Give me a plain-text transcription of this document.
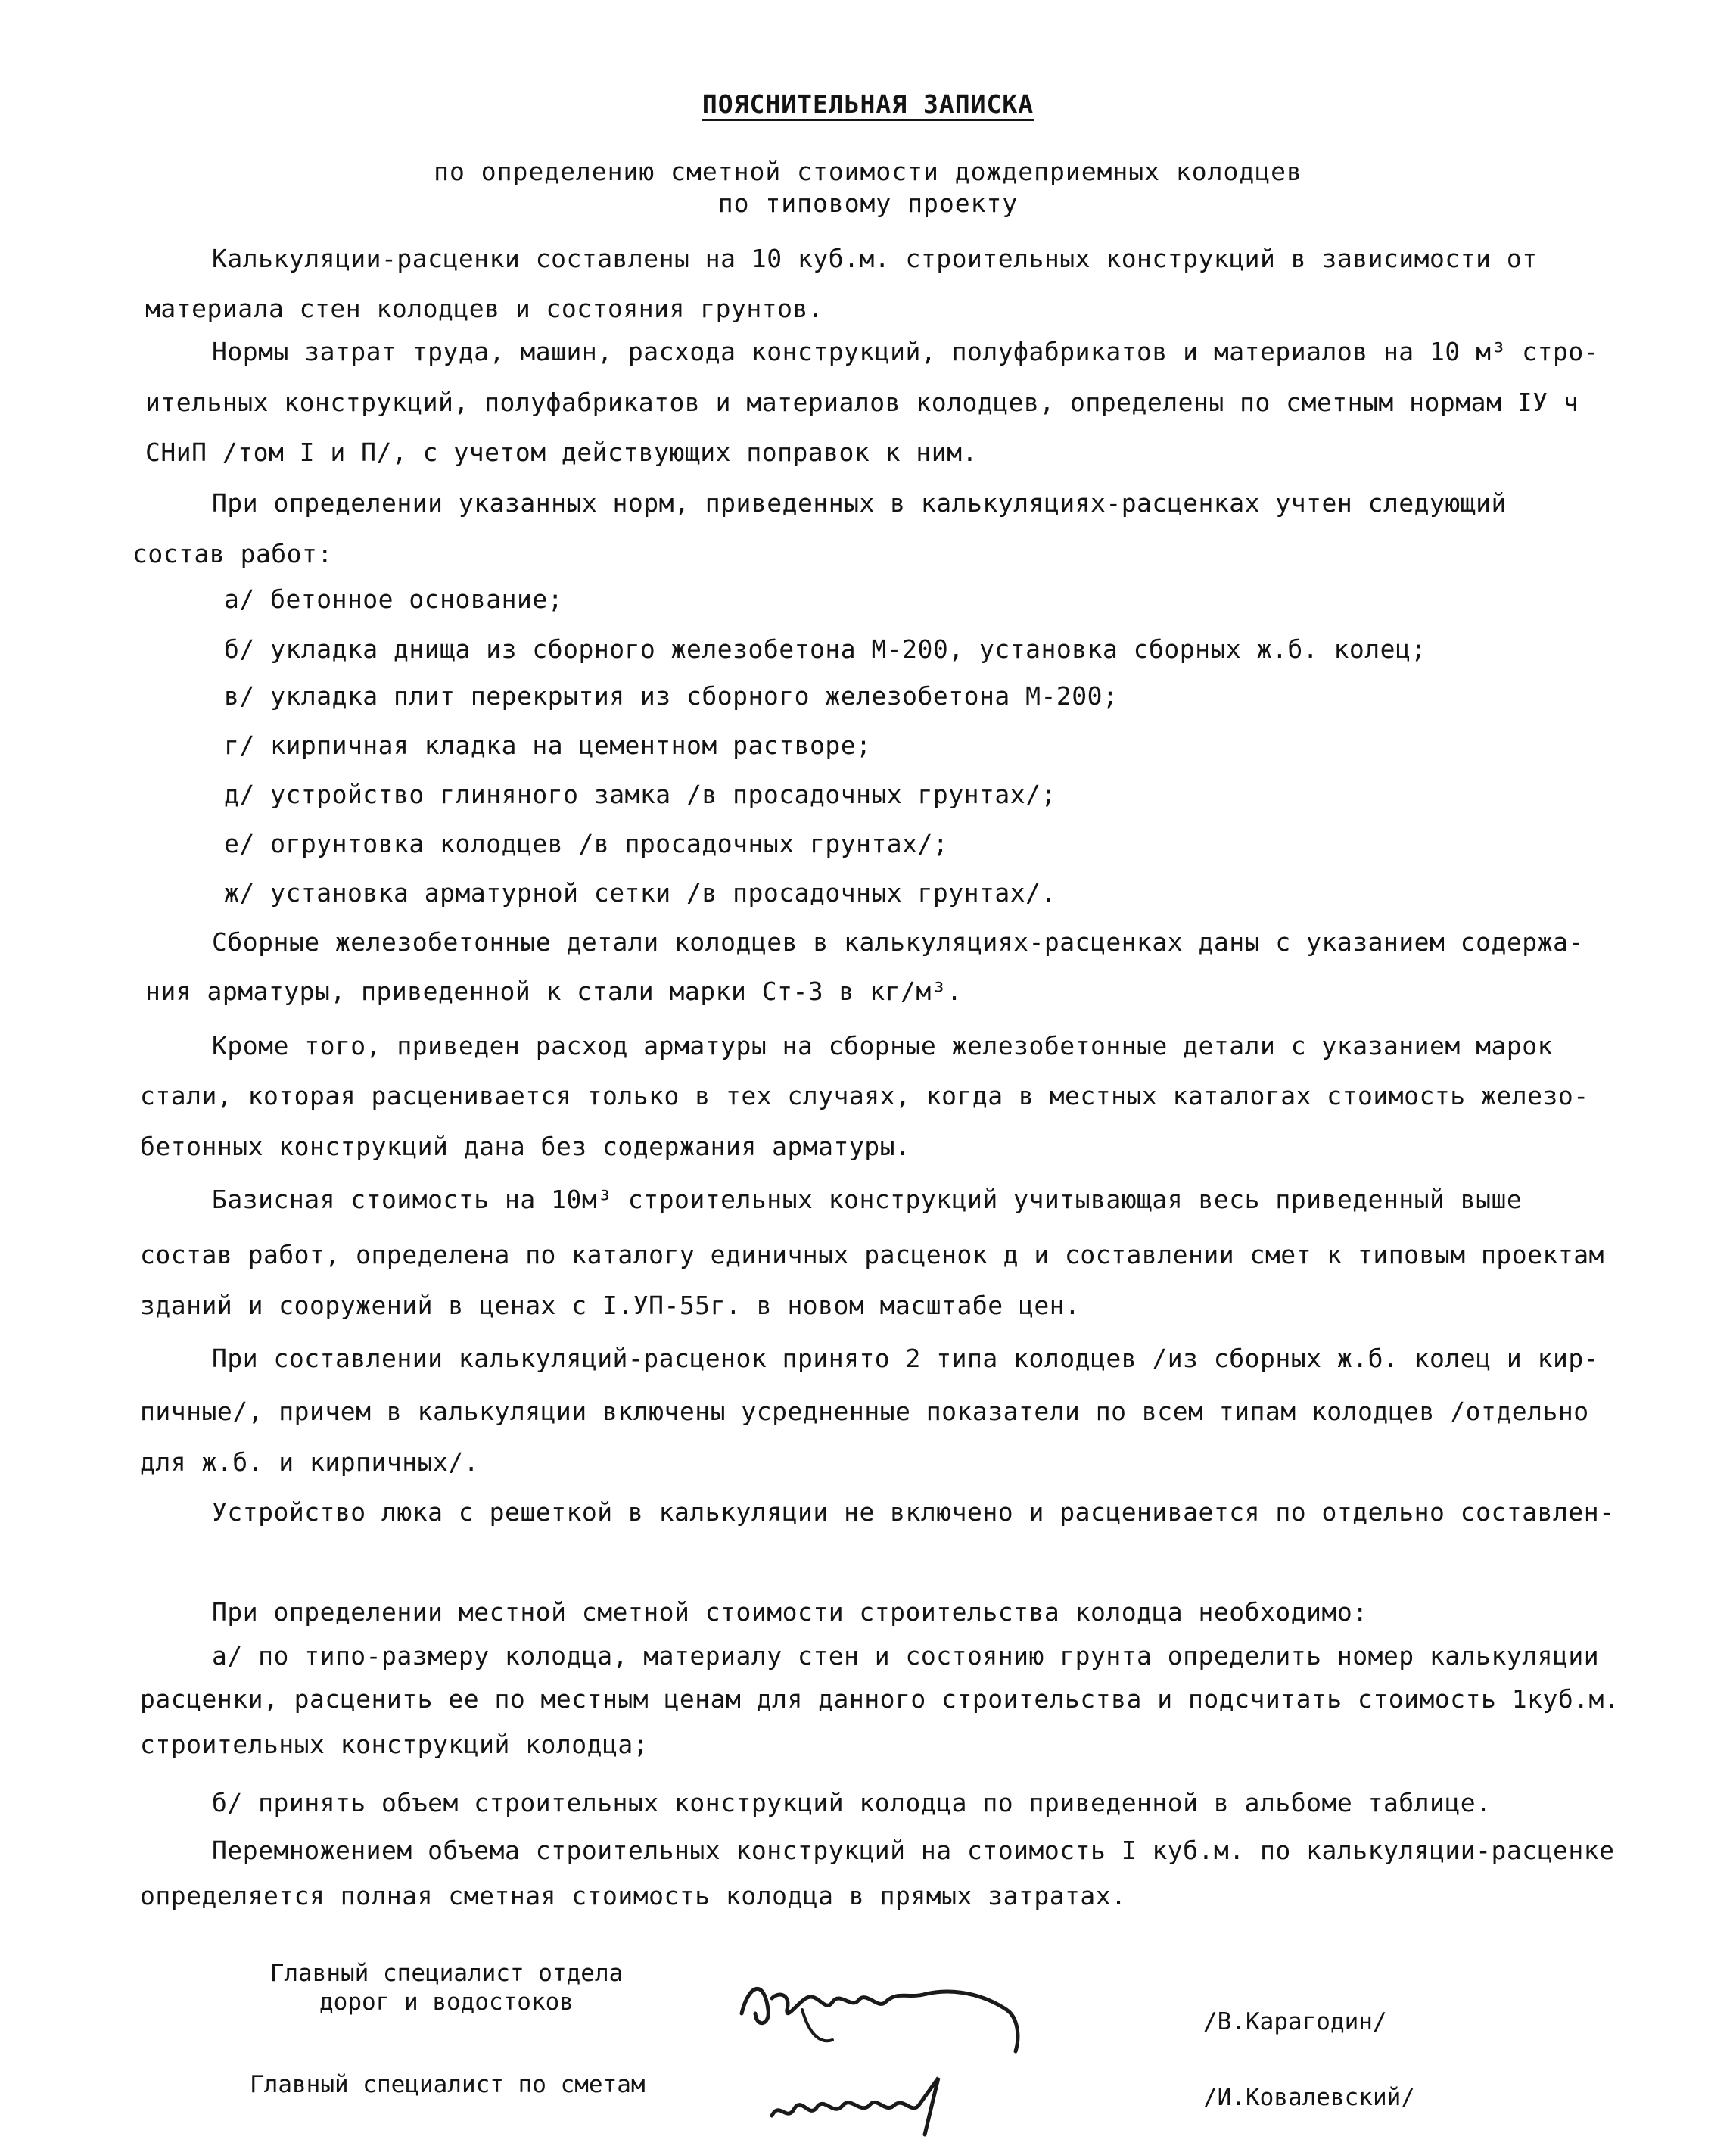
ПОЯСНИТЕЛЬНАЯ ЗАПИСКА
по определению сметной стоимости дождеприемных колодцев
по типовому проекту
Калькуляции-расценки составлены на 10 куб.м. строительных конструкций в зависимости от
материала стен колодцев и состояния грунтов.
Нормы затрат труда, машин, расхода конструкций, полуфабрикатов и материалов на 10 м³ стро-
ительных конструкций, полуфабрикатов и материалов колодцев, определены по сметным нормам IУ ч
СНиП /том I и П/, с учетом действующих поправок к ним.
При определении указанных норм, приведенных в калькуляциях-расценках учтен следующий
состав работ:
а/ бетонное основание;
б/ укладка днища из сборного железобетона М-200, установка сборных ж.б. колец;
в/ укладка плит перекрытия из сборного железобетона М-200;
г/ кирпичная кладка на цементном растворе;
д/ устройство глиняного замка /в просадочных грунтах/;
е/ огрунтовка колодцев /в просадочных грунтах/;
ж/ установка арматурной сетки /в просадочных грунтах/.
Сборные железобетонные детали колодцев в калькуляциях-расценках даны с указанием содержа-
ния арматуры, приведенной к стали марки Ст-3 в кг/м³.
Кроме того, приведен расход арматуры на сборные железобетонные детали с указанием марок
стали, которая расценивается только в тех случаях, когда в местных каталогах стоимость железо-
бетонных конструкций дана без содержания арматуры.
Базисная стоимость на 10м³ строительных конструкций учитывающая весь приведенный выше
состав работ, определена по каталогу единичных расценок д и составлении смет к типовым проектам
зданий и сооружений в ценах с I.УП-55г. в новом масштабе цен.
При составлении калькуляций-расценок принято 2 типа колодцев /из сборных ж.б. колец и кир-
пичные/, причем в калькуляции включены усредненные показатели по всем типам колодцев /отдельно
для ж.б. и кирпичных/.
Устройство люка с решеткой в калькуляции не включено и расценивается по отдельно составлен-
При определении местной сметной стоимости строительства колодца необходимо:
а/ по типо-размеру колодца, материалу стен и состоянию грунта определить номер калькуляции
расценки, расценить ее по местным ценам для данного строительства и подсчитать стоимость 1куб.м.
строительных конструкций колодца;
б/ принять объем строительных конструкций колодца по приведенной в альбоме таблице.
Перемножением объема строительных конструкций на стоимость I куб.м. по калькуляции-расценке
определяется полная сметная стоимость колодца в прямых затратах.
Главный специалист отдела
дорог и водостоков
Главный специалист по сметам
/В.Карагодин/
/И.Ковалевский/
